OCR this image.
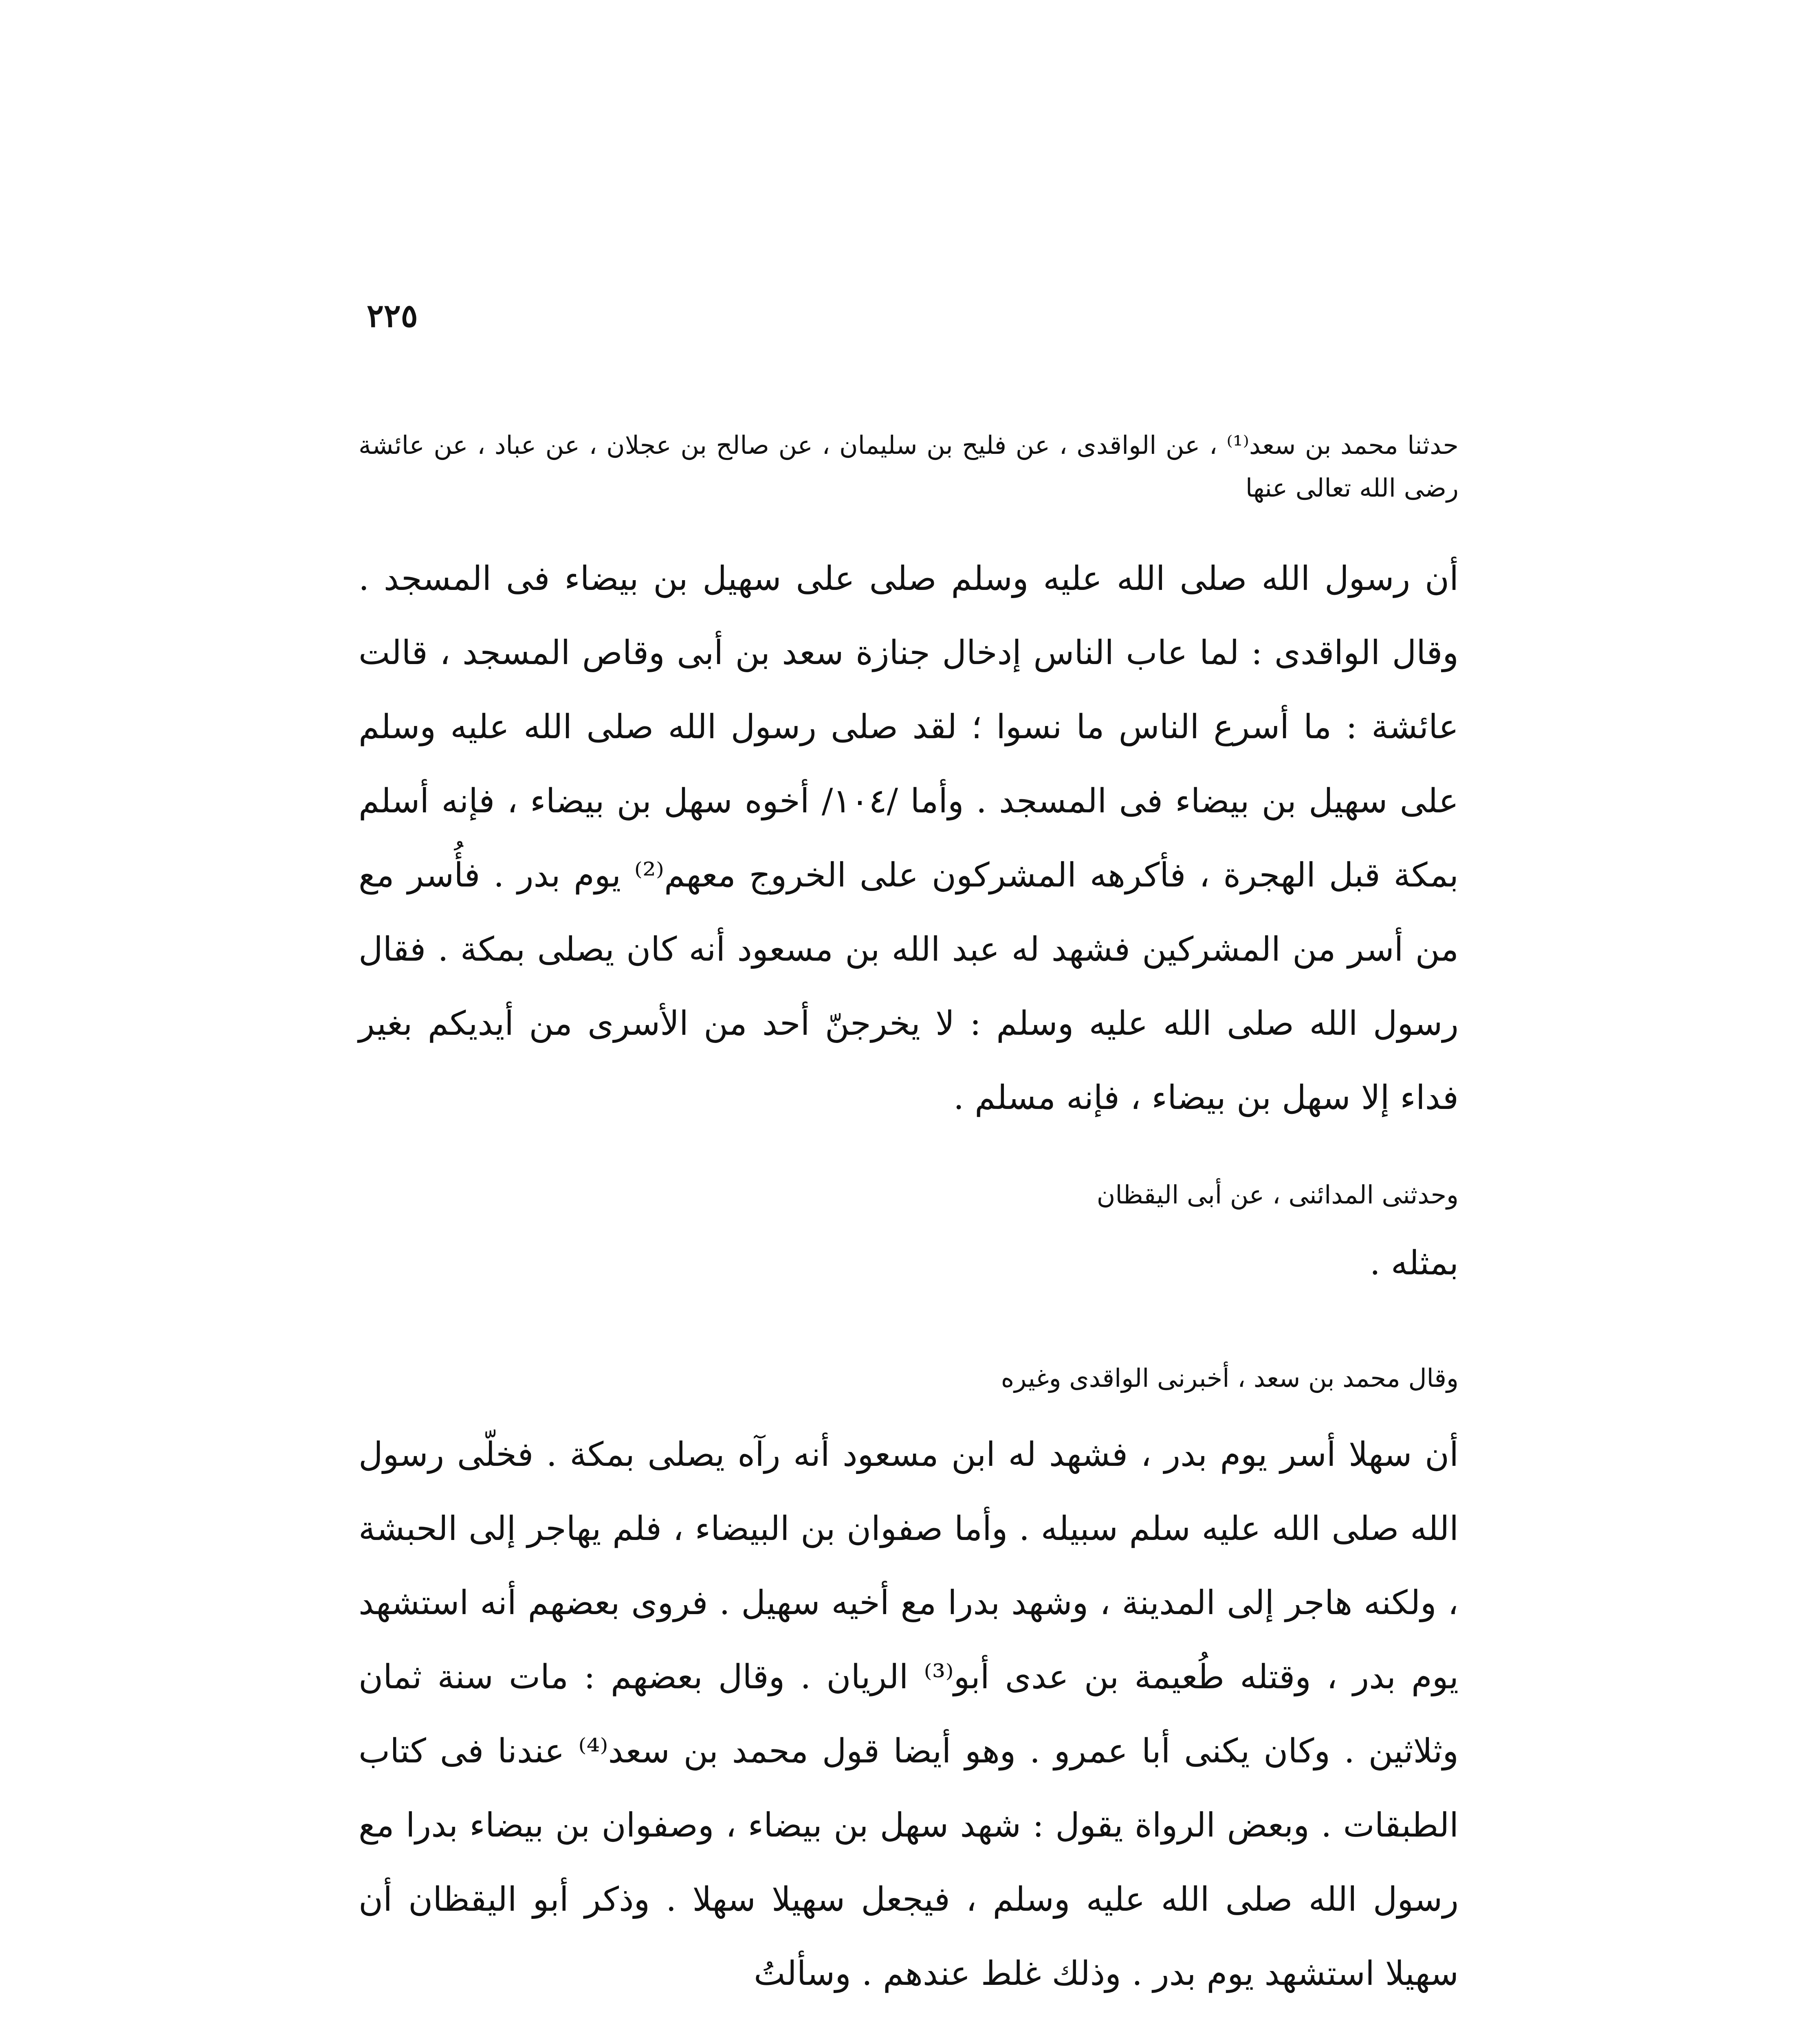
٢٢٥
حدثنا محمد بن سعد⁽¹⁾ ، عن الواقدى ، عن فليح بن سليمان ، عن صالح بن عجلان ، عن عباد ، عن عائشة رضى الله تعالى عنها
أن رسول الله صلى الله عليه وسلم صلى على سهيل بن بيضاء فى المسجد . وقال الواقدى : لما عاب الناس إدخال جنازة سعد بن أبى وقاص المسجد ، قالت عائشة : ما أسرع الناس ما نسوا ؛ لقد صلى رسول الله صلى الله عليه وسلم على سهيل بن بيضاء فى المسجد . وأما /١٠٤/ أخوه سهل بن بيضاء ، فإنه أسلم بمكة قبل الهجرة ، فأكرهه المشركون على الخروج معهم⁽²⁾ يوم بدر . فأُسر مع من أسر من المشركين فشهد له عبد الله بن مسعود أنه كان يصلى بمكة . فقال رسول الله صلى الله عليه وسلم : لا يخرجنّ أحد من الأسرى من أيديكم بغير فداء إلا سهل بن بيضاء ، فإنه مسلم .
وحدثنى المدائنى ، عن أبى اليقظان
بمثله .
وقال محمد بن سعد ، أخبرنى الواقدى وغيره
أن سهلا أسر يوم بدر ، فشهد له ابن مسعود أنه رآه يصلى بمكة . فخلّى رسول الله صلى الله عليه سلم سبيله . وأما صفوان بن البيضاء ، فلم يهاجر إلى الحبشة ، ولكنه هاجر إلى المدينة ، وشهد بدرا مع أخيه سهيل . فروى بعضهم أنه استشهد يوم بدر ، وقتله طُعيمة بن عدى أبو⁽³⁾ الريان . وقال بعضهم : مات سنة ثمان وثلاثين . وكان يكنى أبا عمرو . وهو أيضا قول محمد بن سعد⁽⁴⁾ عندنا فى كتاب الطبقات . وبعض الرواة يقول : شهد سهل بن بيضاء ، وصفوان بن بيضاء بدرا مع رسول الله صلى الله عليه وسلم ، فيجعل سهيلا سهلا . وذكر أبو اليقظان أن سهيلا استشهد يوم بدر . وذلك غلط عندهم . وسألتُ
